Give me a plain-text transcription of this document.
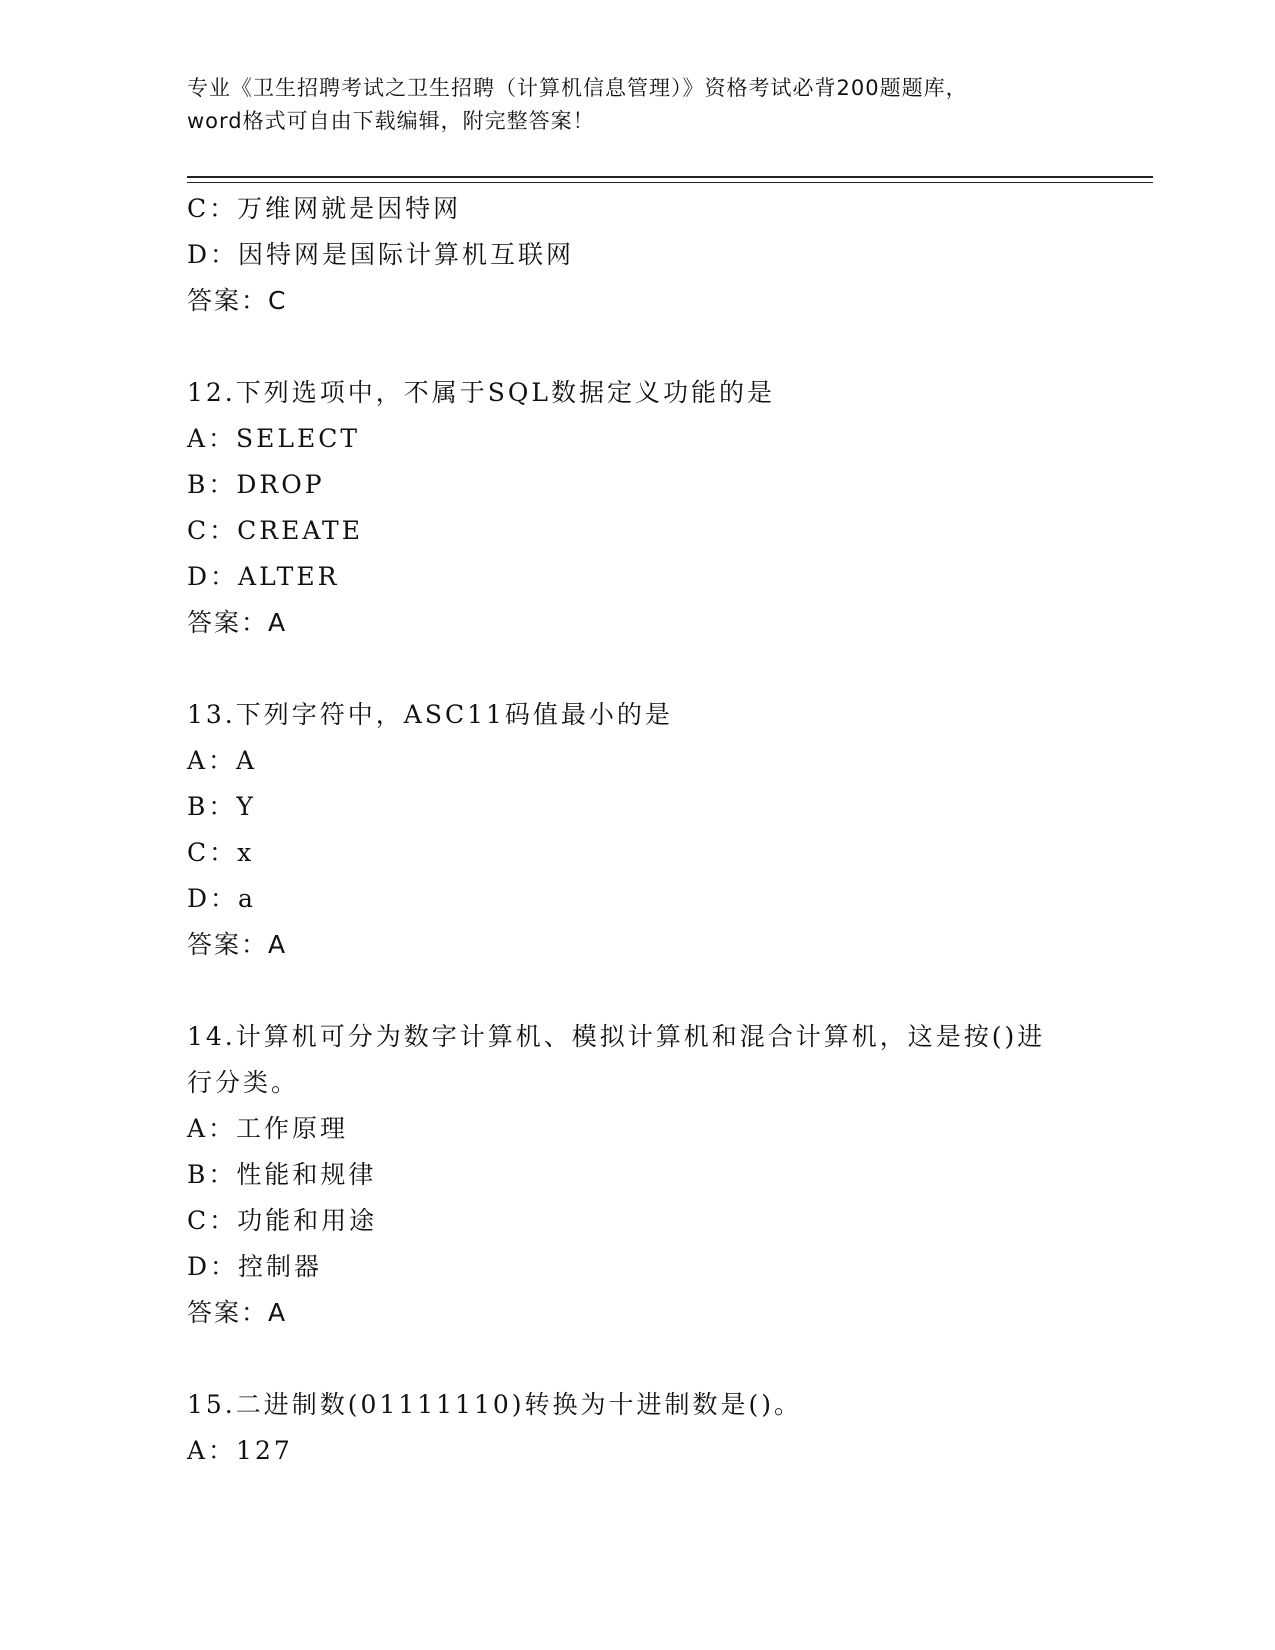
专业《卫生招聘考试之卫生招聘（计算机信息管理）》资格考试必背200题题库，
word格式可自由下载编辑，附完整答案！
C：万维网就是因特网
D：因特网是国际计算机互联网
答案：C
12.下列选项中，不属于SQL数据定义功能的是
A：SELECT
B：DROP
C：CREATE
D：ALTER
答案：A
13.下列字符中，ASC11码值最小的是
A：A
B：Y
C：x
D：a
答案：A
14.计算机可分为数字计算机、模拟计算机和混合计算机，这是按()进
行分类。
A：工作原理
B：性能和规律
C：功能和用途
D：控制器
答案：A
15.二进制数(01111110)转换为十进制数是()。
A：127
